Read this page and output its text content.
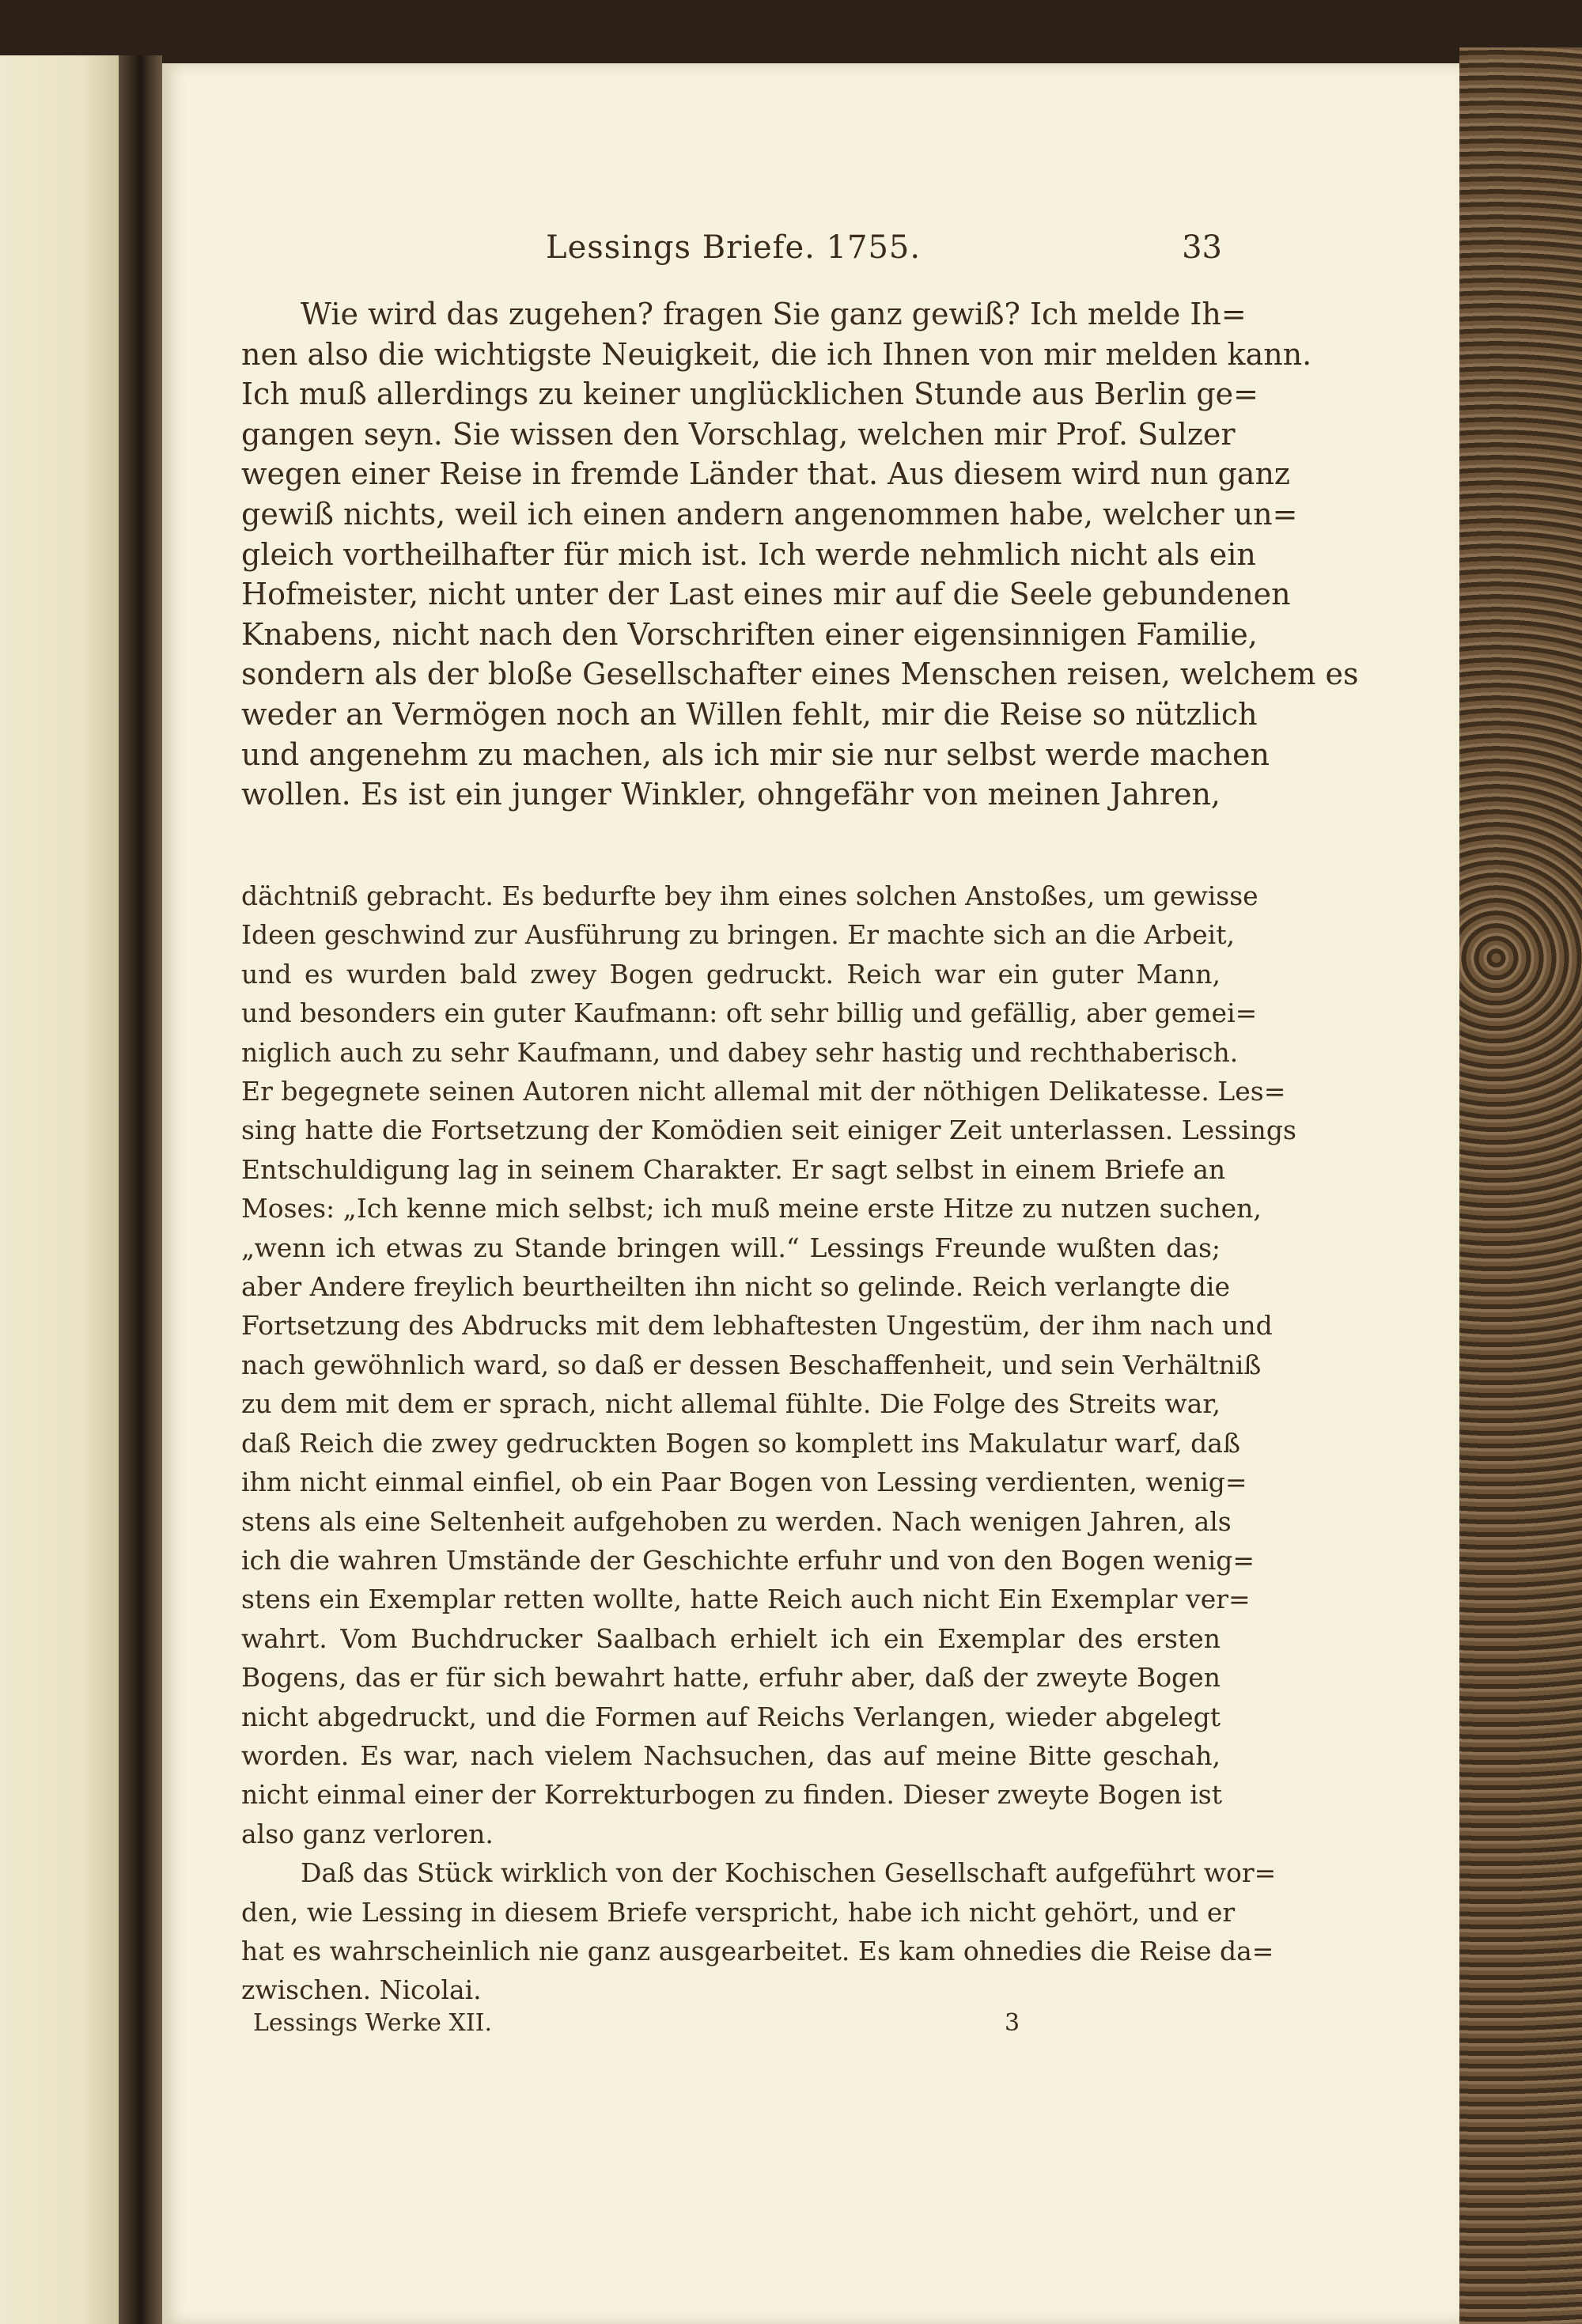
Lessings Briefe. 1755.	33
Wie wird das zugehen? fragen Sie ganz gewiß? Ich melde Ih=
nen also die wichtigste Neuigkeit, die ich Ihnen von mir melden kann.
Ich muß allerdings zu keiner unglücklichen Stunde aus Berlin ge=
gangen seyn. Sie wissen den Vorschlag, welchen mir Prof. Sulzer
wegen einer Reise in fremde Länder that. Aus diesem wird nun ganz
gewiß nichts, weil ich einen andern angenommen habe, welcher un=
gleich vortheilhafter für mich ist. Ich werde nehmlich nicht als ein
Hofmeister, nicht unter der Last eines mir auf die Seele gebundenen
Knabens, nicht nach den Vorschriften einer eigensinnigen Familie,
sondern als der bloße Gesellschafter eines Menschen reisen, welchem es
weder an Vermögen noch an Willen fehlt, mir die Reise so nützlich
und angenehm zu machen, als ich mir sie nur selbst werde machen
wollen. Es ist ein junger Winkler, ohngefähr von meinen Jahren,
dächtniß gebracht. Es bedurfte bey ihm eines solchen Anstoßes, um gewisse
Ideen geschwind zur Ausführung zu bringen. Er machte sich an die Arbeit,
und es wurden bald zwey Bogen gedruckt. Reich war ein guter Mann,
und besonders ein guter Kaufmann: oft sehr billig und gefällig, aber gemei=
niglich auch zu sehr Kaufmann, und dabey sehr hastig und rechthaberisch.
Er begegnete seinen Autoren nicht allemal mit der nöthigen Delikatesse. Les=
sing hatte die Fortsetzung der Komödien seit einiger Zeit unterlassen. Lessings
Entschuldigung lag in seinem Charakter. Er sagt selbst in einem Briefe an
Moses: „Ich kenne mich selbst; ich muß meine erste Hitze zu nutzen suchen,
„wenn ich etwas zu Stande bringen will.“ Lessings Freunde wußten das;
aber Andere freylich beurtheilten ihn nicht so gelinde. Reich verlangte die
Fortsetzung des Abdrucks mit dem lebhaftesten Ungestüm, der ihm nach und
nach gewöhnlich ward, so daß er dessen Beschaffenheit, und sein Verhältniß
zu dem mit dem er sprach, nicht allemal fühlte. Die Folge des Streits war,
daß Reich die zwey gedruckten Bogen so komplett ins Makulatur warf, daß
ihm nicht einmal einfiel, ob ein Paar Bogen von Lessing verdienten, wenig=
stens als eine Seltenheit aufgehoben zu werden. Nach wenigen Jahren, als
ich die wahren Umstände der Geschichte erfuhr und von den Bogen wenig=
stens ein Exemplar retten wollte, hatte Reich auch nicht Ein Exemplar ver=
wahrt. Vom Buchdrucker Saalbach erhielt ich ein Exemplar des ersten
Bogens, das er für sich bewahrt hatte, erfuhr aber, daß der zweyte Bogen
nicht abgedruckt, und die Formen auf Reichs Verlangen, wieder abgelegt
worden. Es war, nach vielem Nachsuchen, das auf meine Bitte geschah,
nicht einmal einer der Korrekturbogen zu finden. Dieser zweyte Bogen ist
also ganz verloren.
Daß das Stück wirklich von der Kochischen Gesellschaft aufgeführt wor=
den, wie Lessing in diesem Briefe verspricht, habe ich nicht gehört, und er
hat es wahrscheinlich nie ganz ausgearbeitet. Es kam ohnedies die Reise da=
zwischen. Nicolai.
Lessings Werke XII.	3
